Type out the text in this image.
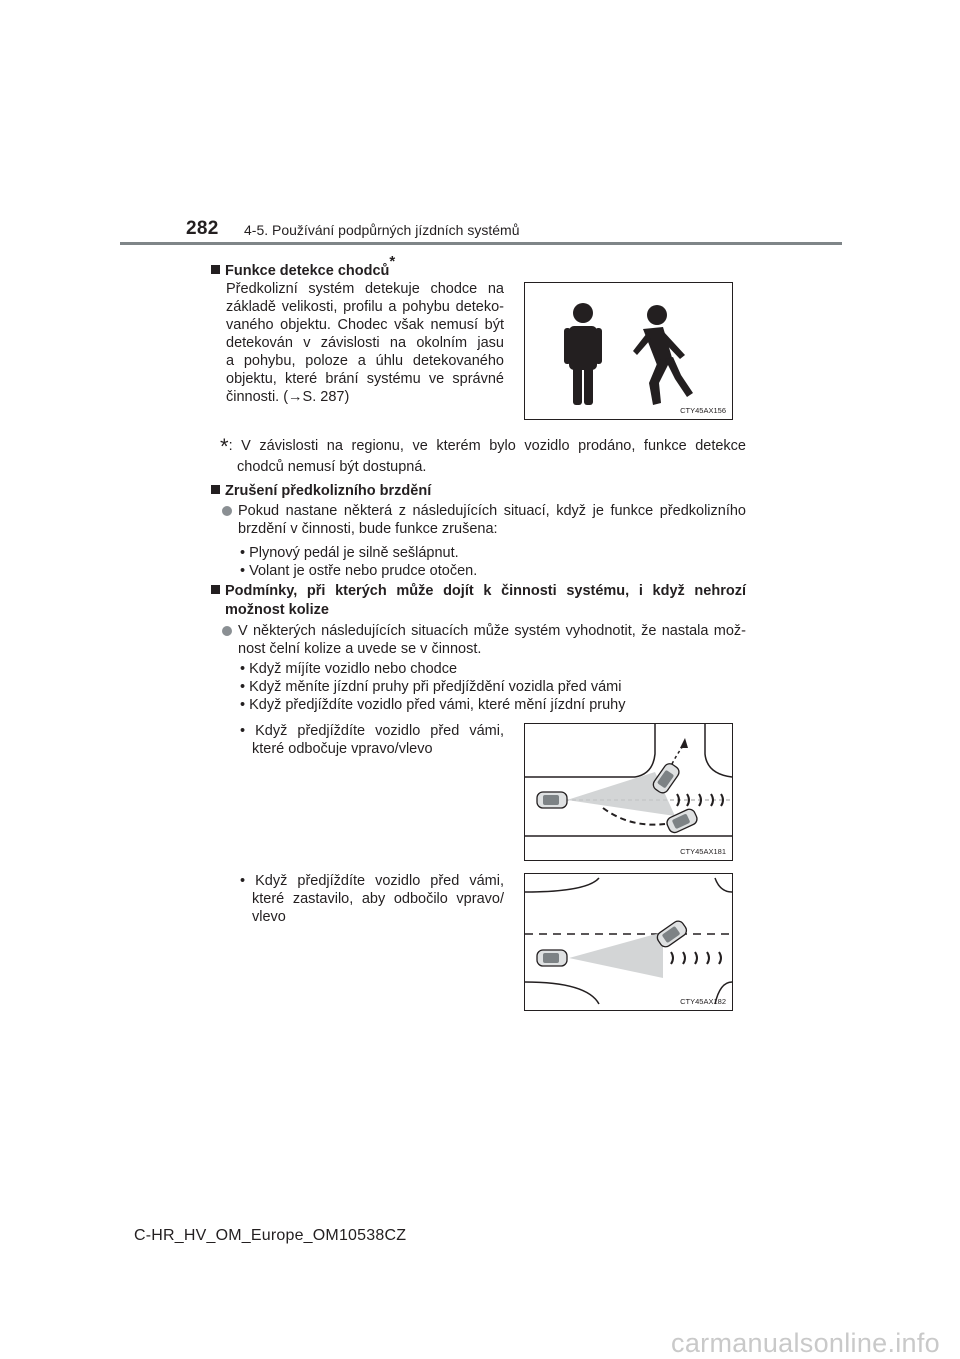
282 4-5. Používání podpůrných jízdních systémů
Funkce detekce chodců*
Předkolizní systém detekuje chodce na
základě velikosti, profilu a pohybu deteko-
vaného objektu. Chodec však nemusí být
detekován v závislosti na okolním jasu
a pohybu, poloze a úhlu detekovaného
objektu, které brání systému ve správné
činnosti. (→S. 287)
CTY45AX156
*: V závislosti na regionu, ve kterém bylo vozidlo prodáno, funkce detekce
chodců nemusí být dostupná.
Zrušení předkolizního brzdění
Pokud nastane některá z následujících situací, když je funkce předkolizního
brzdění v činnosti, bude funkce zrušena:
• Plynový pedál je silně sešlápnut.
• Volant je ostře nebo prudce otočen.
Podmínky, při kterých může dojít k činnosti systému, i když nehrozí
možnost kolize
V některých následujících situacích může systém vyhodnotit, že nastala mož-
nost čelní kolize a uvede se v činnost.
• Když míjíte vozidlo nebo chodce
• Když měníte jízdní pruhy při předjíždění vozidla před vámi
• Když předjíždíte vozidlo před vámi, které mění jízdní pruhy
• Když předjíždíte vozidlo před vámi,
které odbočuje vpravo/vlevo
CTY45AX181
• Když předjíždíte vozidlo před vámi,
které zastavilo, aby odbočilo vpravo/
vlevo
CTY45AX182
C-HR_HV_OM_Europe_OM10538CZ
carmanualsonline.info
